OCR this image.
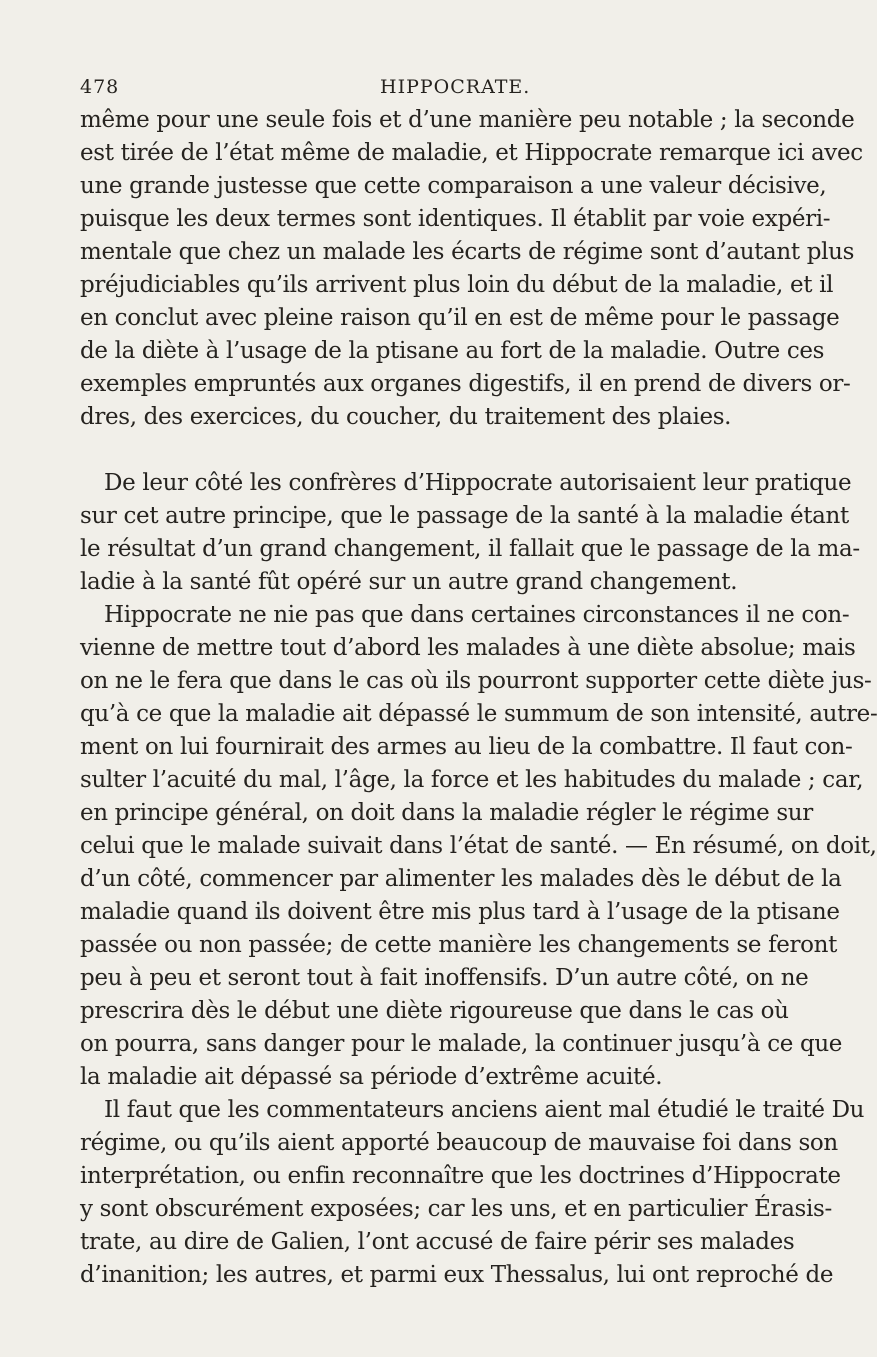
478	HIPPOCRATE.
même pour une seule fois et d’une manière peu notable ; la seconde
est tirée de l’état même de maladie, et Hippocrate remarque ici avec
une grande justesse que cette comparaison a une valeur décisive,
puisque les deux termes sont identiques. Il établit par voie expéri-
mentale que chez un malade les écarts de régime sont d’autant plus
préjudiciables qu’ils arrivent plus loin du début de la maladie, et il
en conclut avec pleine raison qu’il en est de même pour le passage
de la diète à l’usage de la ptisane au fort de la maladie. Outre ces
exemples empruntés aux organes digestifs, il en prend de divers or-
dres, des exercices, du coucher, du traitement des plaies.
De leur côté les confrères d’Hippocrate autorisaient leur pratique
sur cet autre principe, que le passage de la santé à la maladie étant
le résultat d’un grand changement, il fallait que le passage de la ma-
ladie à la santé fût opéré sur un autre grand changement.
Hippocrate ne nie pas que dans certaines circonstances il ne con-
vienne de mettre tout d’abord les malades à une diète absolue; mais
on ne le fera que dans le cas où ils pourront supporter cette diète jus-
qu’à ce que la maladie ait dépassé le summum de son intensité, autre-
ment on lui fournirait des armes au lieu de la combattre. Il faut con-
sulter l’acuité du mal, l’âge, la force et les habitudes du malade ; car,
en principe général, on doit dans la maladie régler le régime sur
celui que le malade suivait dans l’état de santé. — En résumé, on doit,
d’un côté, commencer par alimenter les malades dès le début de la
maladie quand ils doivent être mis plus tard à l’usage de la ptisane
passée ou non passée; de cette manière les changements se feront
peu à peu et seront tout à fait inoffensifs. D’un autre côté, on ne
prescrira dès le début une diète rigoureuse que dans le cas où
on pourra, sans danger pour le malade, la continuer jusqu’à ce que
la maladie ait dépassé sa période d’extrême acuité.
Il faut que les commentateurs anciens aient mal étudié le traité Du
régime, ou qu’ils aient apporté beaucoup de mauvaise foi dans son
interprétation, ou enfin reconnaître que les doctrines d’Hippocrate
y sont obscurément exposées; car les uns, et en particulier Érasis-
trate, au dire de Galien, l’ont accusé de faire périr ses malades
d’inanition; les autres, et parmi eux Thessalus, lui ont reproché de
